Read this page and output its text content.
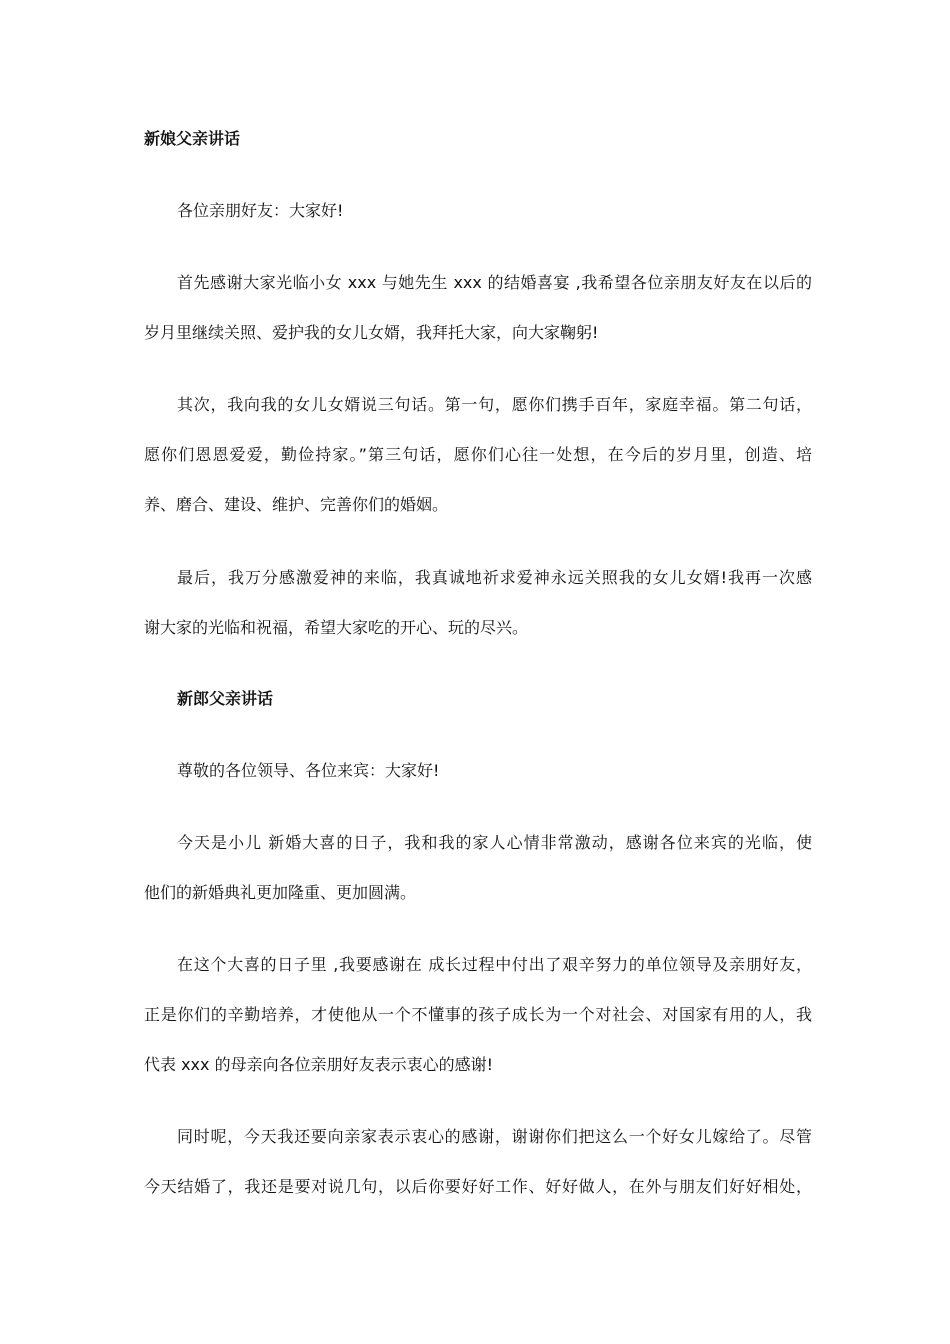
新娘父亲讲话
各位亲朋好友：大家好!
首先感谢大家光临小女 xxx 与她先生 xxx 的结婚喜宴 ,我希望各位亲朋友好友在以后的
岁月里继续关照、爱护我的女儿女婿，我拜托大家，向大家鞠躬!
其次，我向我的女儿女婿说三句话。第一句，愿你们携手百年，家庭幸福。第二句话，
愿你们恩恩爱爱，勤俭持家。”第三句话，愿你们心往一处想，在今后的岁月里，创造、培
养、磨合、建设、维护、完善你们的婚姻。
最后，我万分感激爱神的来临，我真诚地祈求爱神永远关照我的女儿女婿!我再一次感
谢大家的光临和祝福，希望大家吃的开心、玩的尽兴。
新郎父亲讲话
尊敬的各位领导、各位来宾：大家好!
今天是小儿 新婚大喜的日子，我和我的家人心情非常激动，感谢各位来宾的光临，使
他们的新婚典礼更加隆重、更加圆满。
在这个大喜的日子里 ,我要感谢在 成长过程中付出了艰辛努力的单位领导及亲朋好友，
正是你们的辛勤培养，才使他从一个不懂事的孩子成长为一个对社会、对国家有用的人，我
代表 xxx 的母亲向各位亲朋好友表示衷心的感谢!
同时呢，今天我还要向亲家表示衷心的感谢，谢谢你们把这么一个好女儿嫁给了。尽管
今天结婚了，我还是要对说几句，以后你要好好工作、好好做人，在外与朋友们好好相处，
